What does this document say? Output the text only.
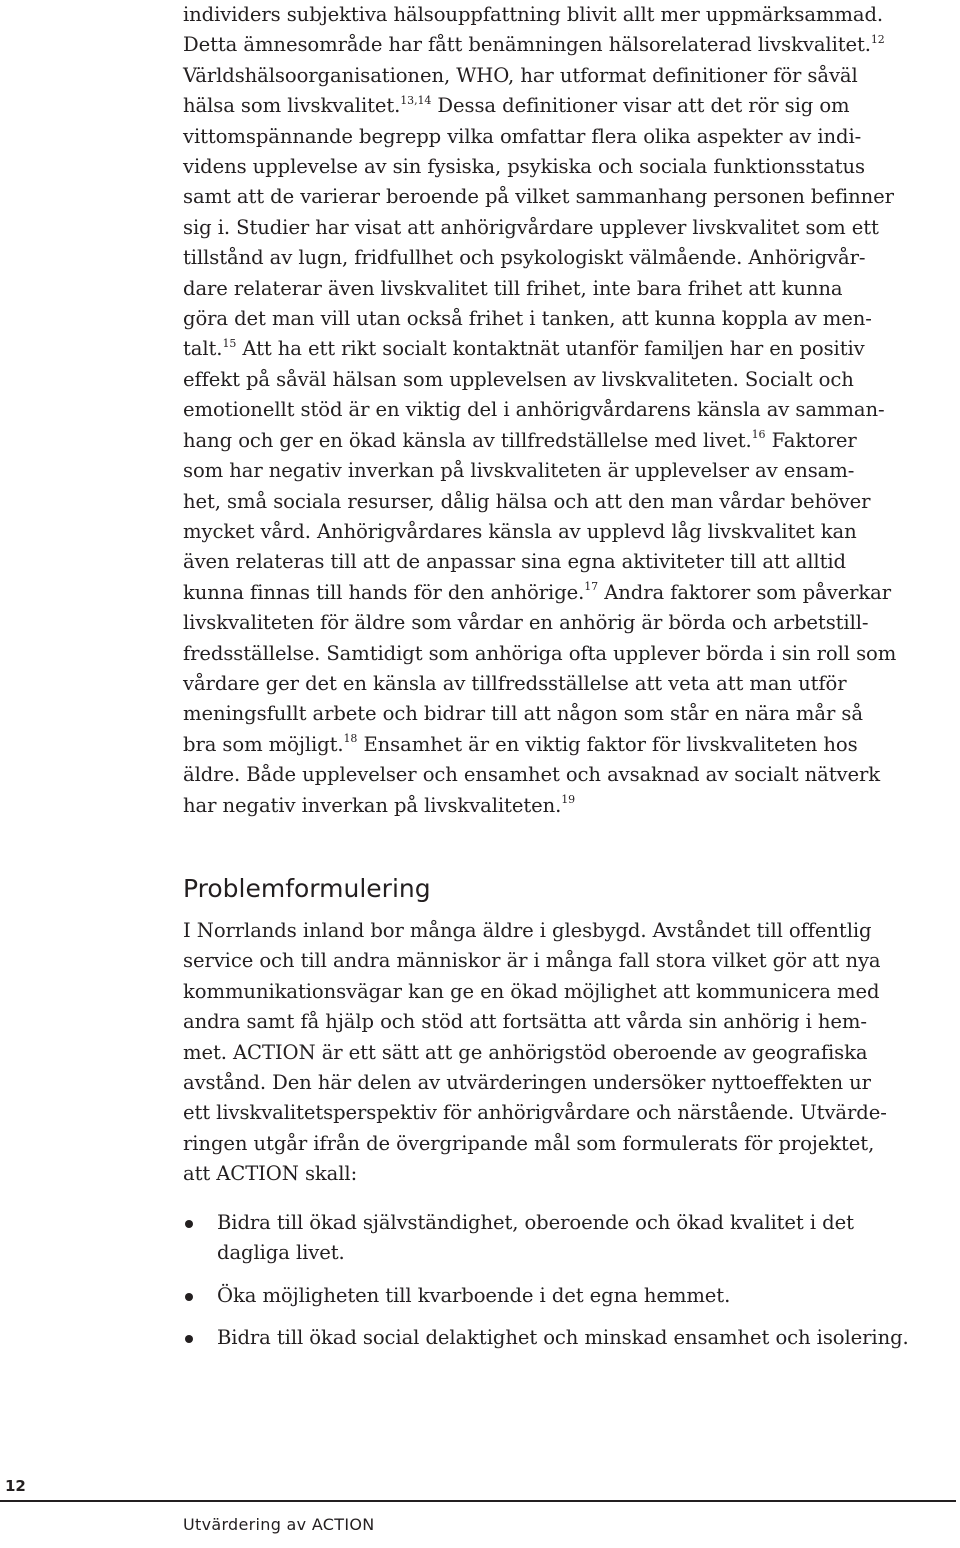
individers subjektiva hälsouppfattning blivit allt mer uppmärksammad.
Detta ämnesområde har fått benämningen hälsorelaterad livskvalitet.$^{12}$
Världshälsoorganisationen, WHO, har utformat definitioner för såväl
hälsa som livskvalitet.$^{13,14}$ Dessa definitioner visar att det rör sig om
vittomspännande begrepp vilka omfattar flera olika aspekter av indi-
videns upplevelse av sin fysiska, psykiska och sociala funktionsstatus
samt att de varierar beroende på vilket sammanhang personen befinner
sig i. Studier har visat att anhörigvårdare upplever livskvalitet som ett
tillstånd av lugn, fridfullhet och psykologiskt välmående. Anhörigvår-
dare relaterar även livskvalitet till frihet, inte bara frihet att kunna
göra det man vill utan också frihet i tanken, att kunna koppla av men-
talt.$^{15}$ Att ha ett rikt socialt kontaktnät utanför familjen har en positiv
effekt på såväl hälsan som upplevelsen av livskvaliteten. Socialt och
emotionellt stöd är en viktig del i anhörigvårdarens känsla av samman-
hang och ger en ökad känsla av tillfredställelse med livet.$^{16}$ Faktorer
som har negativ inverkan på livskvaliteten är upplevelser av ensam-
het, små sociala resurser, dålig hälsa och att den man vårdar behöver
mycket vård. Anhörigvårdares känsla av upplevd låg livskvalitet kan
även relateras till att de anpassar sina egna aktiviteter till att alltid
kunna finnas till hands för den anhörige.$^{17}$ Andra faktorer som påverkar
livskvaliteten för äldre som vårdar en anhörig är börda och arbetstill-
fredsställelse. Samtidigt som anhöriga ofta upplever börda i sin roll som
vårdare ger det en känsla av tillfredsställelse att veta att man utför
meningsfullt arbete och bidrar till att någon som står en nära mår så
bra som möjligt.$^{18}$ Ensamhet är en viktig faktor för livskvaliteten hos
äldre. Både upplevelser och ensamhet och avsaknad av socialt nätverk
har negativ inverkan på livskvaliteten.$^{19}$
Problemformulering
I Norrlands inland bor många äldre i glesbygd. Avståndet till offentlig
service och till andra människor är i många fall stora vilket gör att nya
kommunikationsvägar kan ge en ökad möjlighet att kommunicera med
andra samt få hjälp och stöd att fortsätta att vårda sin anhörig i hem-
met. ACTION är ett sätt att ge anhörigstöd oberoende av geografiska
avstånd. Den här delen av utvärderingen undersöker nyttoeffekten ur
ett livskvalitetsperspektiv för anhörigvårdare och närstående. Utvärde-
ringen utgår ifrån de övergripande mål som formulerats för projektet,
att ACTION skall:
Bidra till ökad självständighet, oberoende och ökad kvalitet i det
dagliga livet.
Öka möjligheten till kvarboende i det egna hemmet.
Bidra till ökad social delaktighet och minskad ensamhet och isolering.
12
Utvärdering av ACTION
